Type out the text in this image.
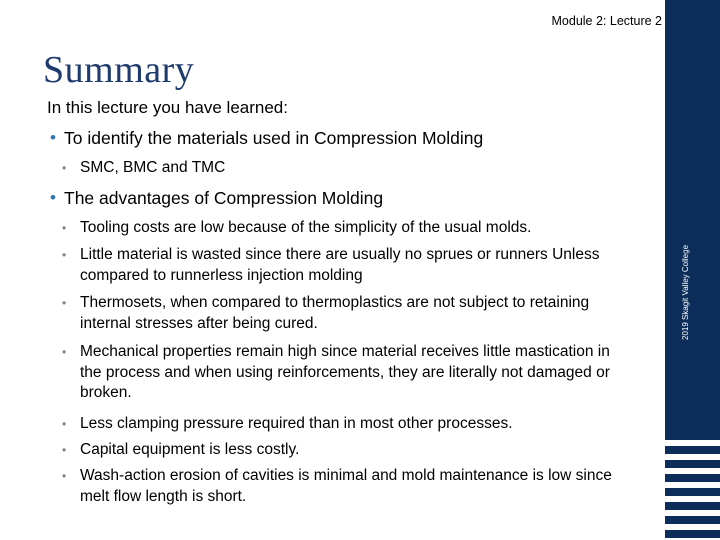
Module 2: Lecture 2
Summary
In this lecture you have learned:
• To identify the materials used in Compression Molding
• SMC, BMC and TMC
• The advantages of Compression Molding
• Tooling costs are low because of the simplicity of the usual molds.
• Little material is wasted since there are usually no sprues or runners Unless compared to runnerless injection molding
• Thermosets, when compared to thermoplastics are not subject to retaining internal stresses after being cured.
• Mechanical properties remain high since material receives little mastication in the process and when using reinforcements, they are literally not damaged or broken.
• Less clamping pressure required than in most other processes.
• Capital equipment is less costly.
• Wash-action erosion of cavities is minimal and mold maintenance is low since melt flow length is short.
2019 Skagit Valley College
